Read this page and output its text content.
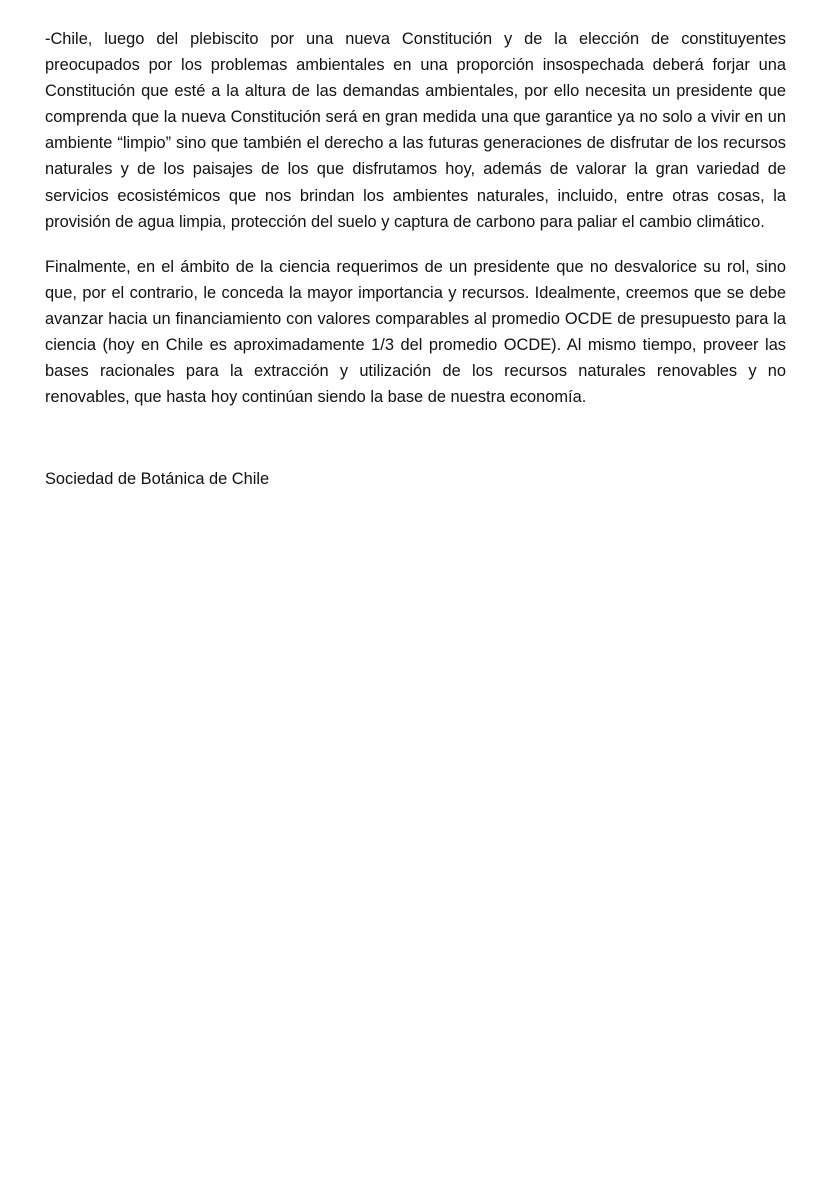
-Chile, luego del plebiscito por una nueva Constitución y de la elección de constituyentes preocupados por los problemas ambientales en una proporción insospechada deberá forjar una Constitución que esté a la altura de las demandas ambientales, por ello necesita un presidente que comprenda que la nueva Constitución será en gran medida una que garantice ya no solo a vivir en un ambiente “limpio” sino que también el derecho a las futuras generaciones de disfrutar de los recursos naturales y de los paisajes de los que disfrutamos hoy, además de valorar la gran variedad de servicios ecosistémicos que nos brindan los ambientes naturales, incluido, entre otras cosas, la provisión de agua limpia, protección del suelo y captura de carbono para paliar el cambio climático.

Finalmente, en el ámbito de la ciencia requerimos de un presidente que no desvalorice su rol, sino que, por el contrario, le conceda la mayor importancia y recursos. Idealmente, creemos que se debe avanzar hacia un financiamiento con valores comparables al promedio OCDE de presupuesto para la ciencia (hoy en Chile es aproximadamente 1/3 del promedio OCDE). Al mismo tiempo, proveer las bases racionales para la extracción y utilización de los recursos naturales renovables y no renovables, que hasta hoy continúan siendo la base de nuestra economía.

Sociedad de Botánica de Chile
